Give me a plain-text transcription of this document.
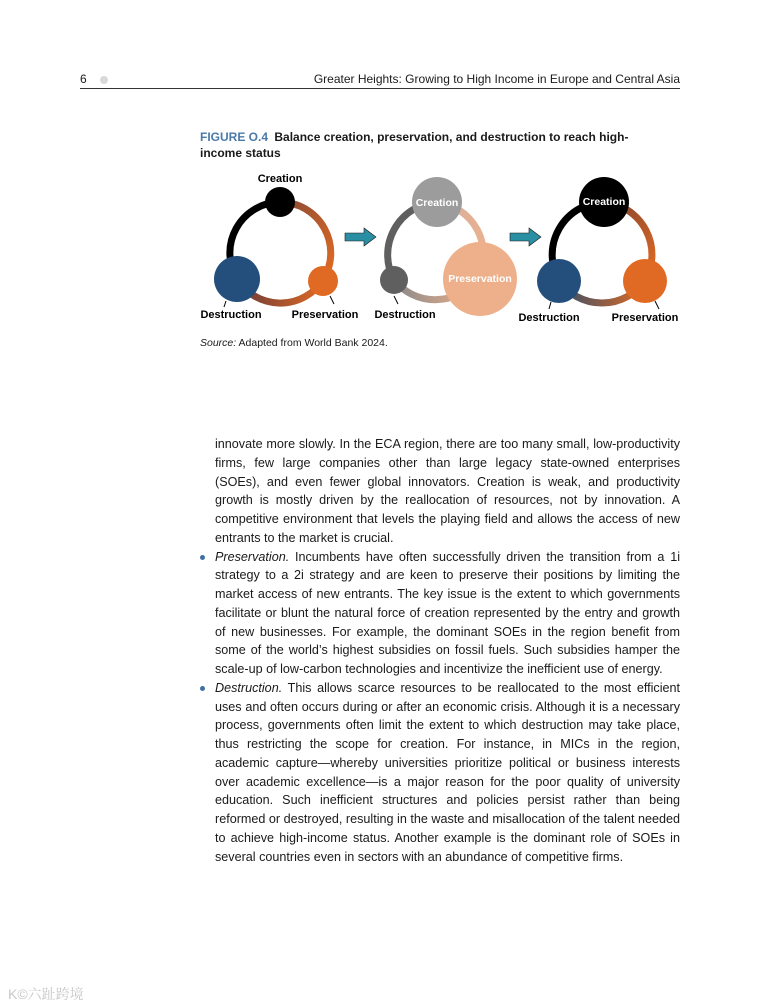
6	Greater Heights: Growing to High Income in Europe and Central Asia
FIGURE O.4 Balance creation, preservation, and destruction to reach high-income status
Creation
Destruction	Preservation
Creation
Preservation
Destruction
Creation
Destruction	Preservation
Source: Adapted from World Bank 2024.

innovate more slowly. In the ECA region, there are too many small, low-productivity firms, few large companies other than large legacy state-owned enterprises (SOEs), and even fewer global innovators. Creation is weak, and productivity growth is mostly driven by the reallocation of resources, not by innovation. A competitive environment that levels the playing field and allows the access of new entrants to the market is crucial.

Preservation. Incumbents have often successfully driven the transition from a 1i strategy to a 2i strategy and are keen to preserve their positions by limiting the market access of new entrants. The key issue is the extent to which governments facilitate or blunt the natural force of creation represented by the entry and growth of new businesses. For example, the dominant SOEs in the region benefit from some of the world’s highest subsidies on fossil fuels. Such subsidies hamper the scale-up of low-carbon technologies and incentivize the inefficient use of energy.

Destruction. This allows scarce resources to be reallocated to the most efficient uses and often occurs during or after an economic crisis. Although it is a necessary process, governments often limit the extent to which destruction may take place, thus restricting the scope for creation. For instance, in MICs in the region, academic capture—whereby universities prioritize political or business interests over academic excellence—is a major reason for the poor quality of university education. Such inefficient structures and policies persist rather than being reformed or destroyed, resulting in the waste and misallocation of the talent needed to achieve high-income status. Another example is the dominant role of SOEs in several countries even in sectors with an abundance of competitive firms.

K©六趾跨境
